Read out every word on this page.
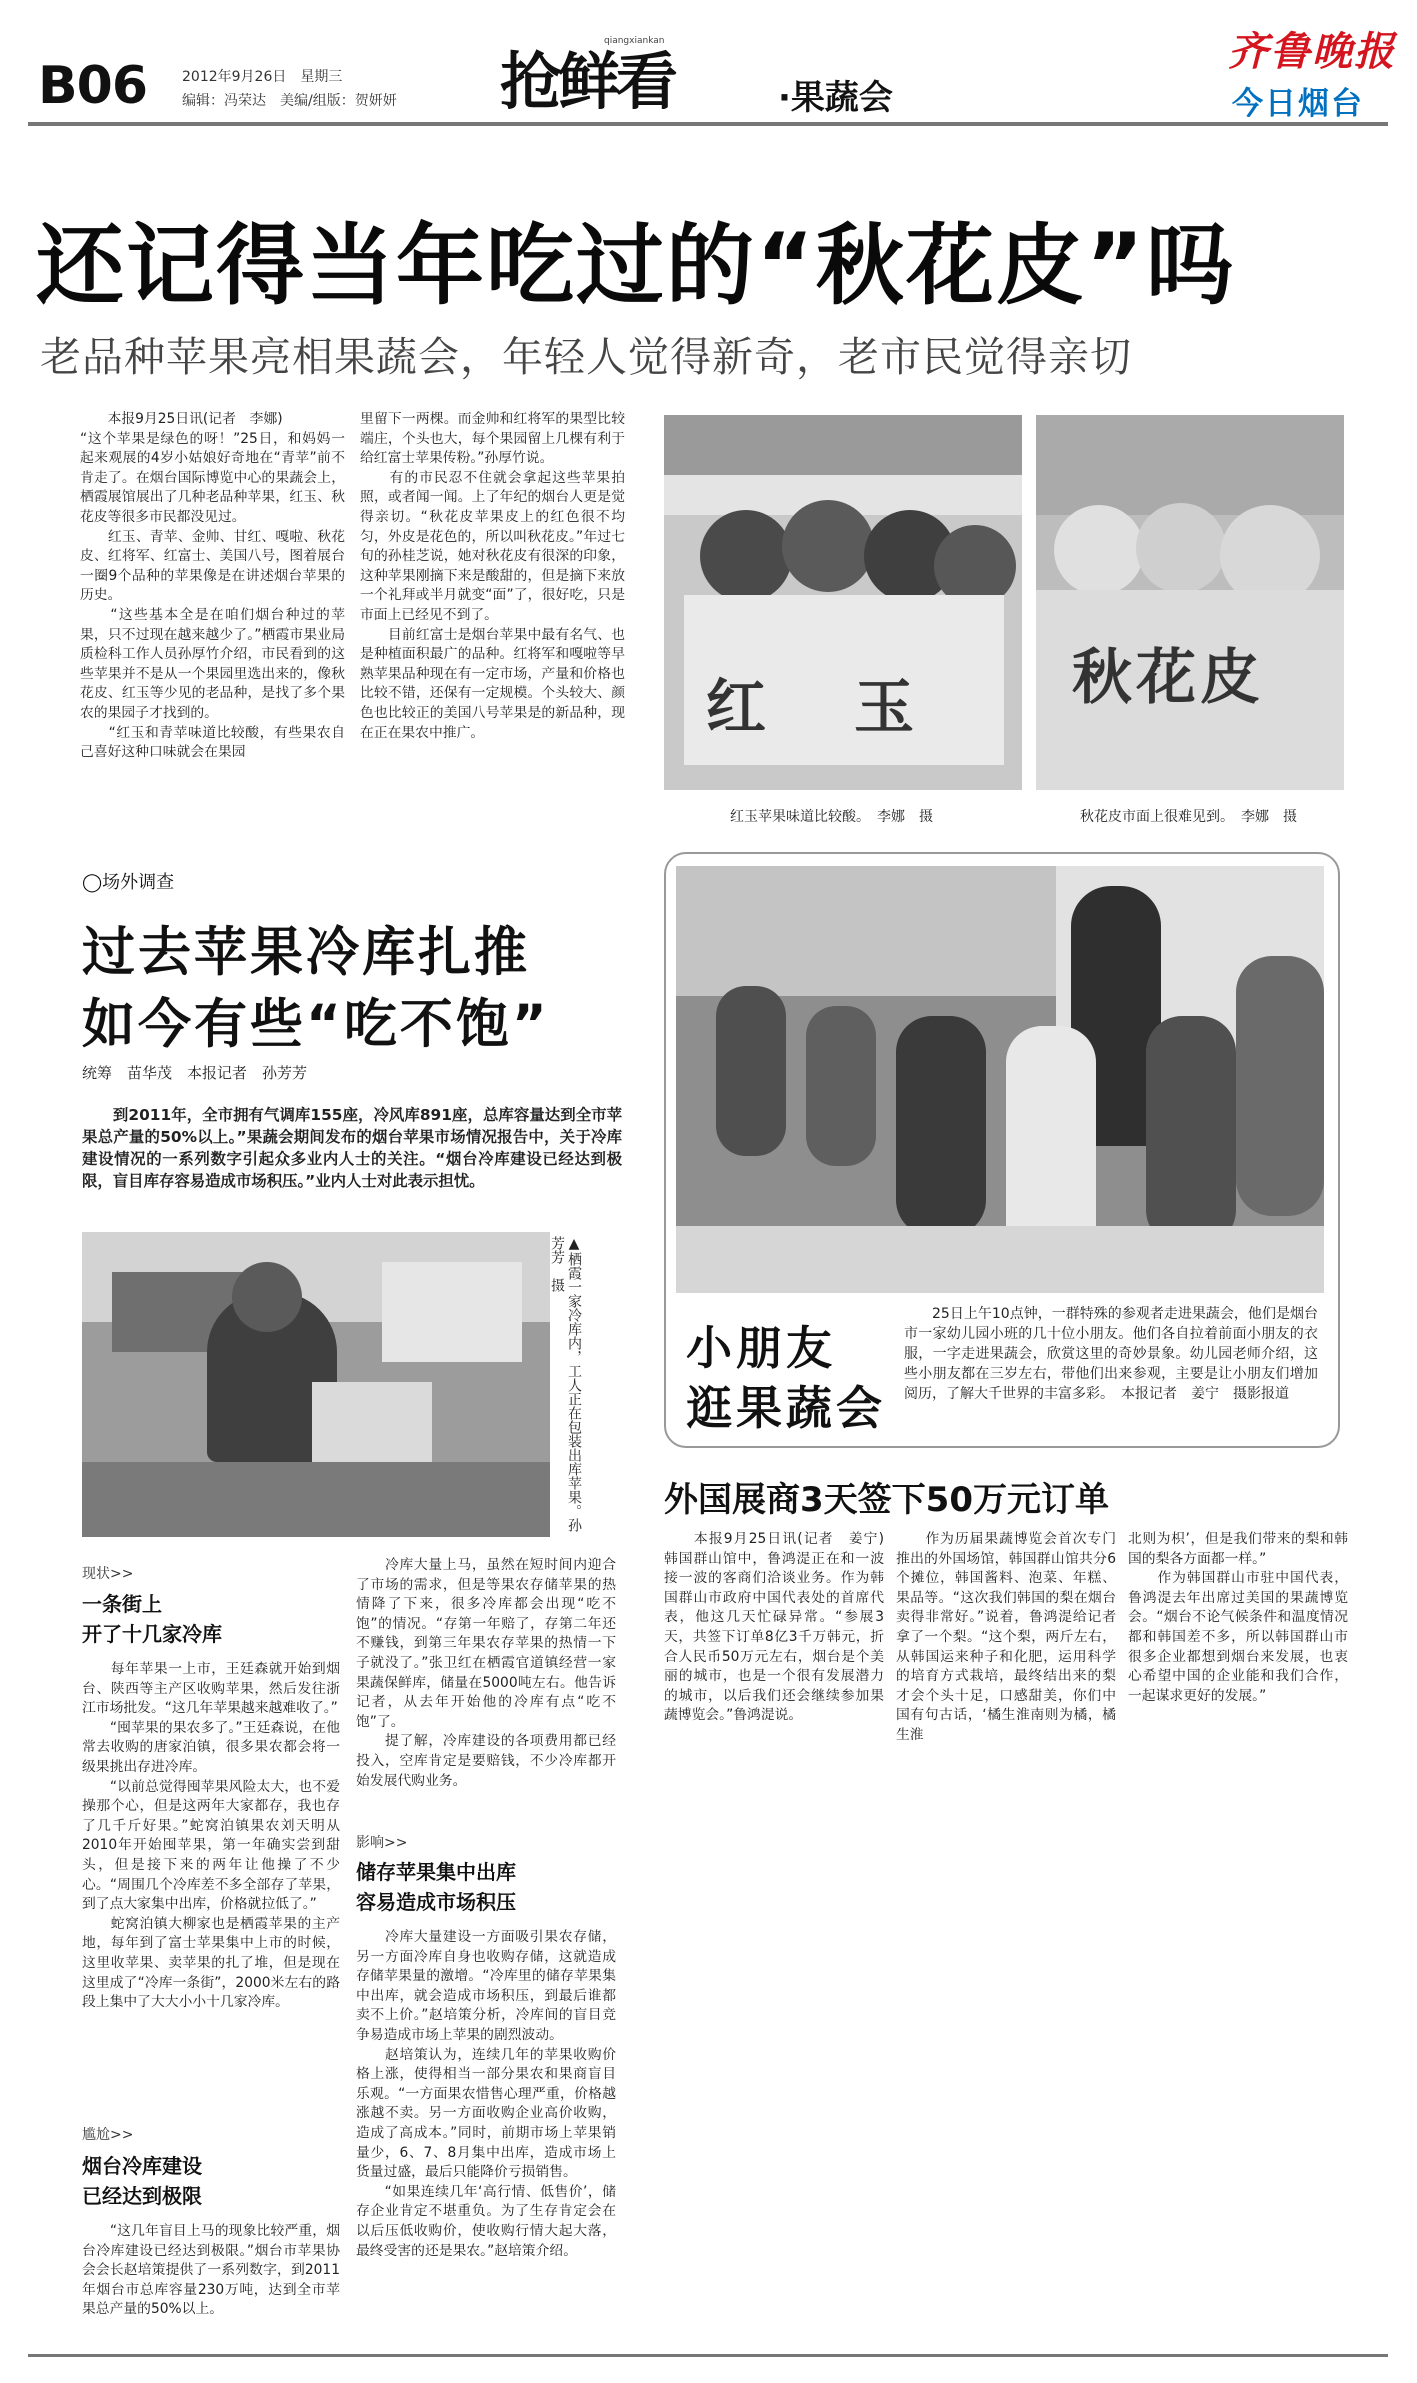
B06	2012年9月26日　星期三
编辑：冯荣达　美编/组版：贺妍妍 抢鲜看
qiangxiankan
·果蔬会
齐鲁晚报
今日烟台
还记得当年吃过的“秋花皮”吗
老品种苹果亮相果蔬会，年轻人觉得新奇，老市民觉得亲切

　　本报9月25日讯(记者　李娜)
“这个苹果是绿色的呀！”25日，和妈妈一起来观展的4岁小姑娘好奇地在“青苹”前不肯走了。在烟台国际博览中心的果蔬会上，栖霞展馆展出了几种老品种苹果，红玉、秋花皮等很多市民都没见过。
　　红玉、青苹、金帅、甘红、嘎啦、秋花皮、红将军、红富士、美国八号，图着展台一圈9个品种的苹果像是在讲述烟台苹果的历史。
　　“这些基本全是在咱们烟台种过的苹果，只不过现在越来越少了。”栖霞市果业局质检科工作人员孙厚竹介绍，市民看到的这些苹果并不是从一个果园里选出来的，像秋花皮、红玉等少见的老品种，是找了多个果农的果园子才找到的。
　　“红玉和青苹味道比较酸，有些果农自己喜好这种口味就会在果园

里留下一两棵。而金帅和红将军的果型比较端庄，个头也大，每个果园留上几棵有利于给红富士苹果传粉。”孙厚竹说。
　　有的市民忍不住就会拿起这些苹果拍照，或者闻一闻。上了年纪的烟台人更是觉得亲切。“秋花皮苹果皮上的红色很不均匀，外皮是花色的，所以叫秋花皮。”年过七旬的孙桂芝说，她对秋花皮有很深的印象，这种苹果刚摘下来是酸甜的，但是摘下来放一个礼拜或半月就变“面”了，很好吃，只是市面上已经见不到了。
　　目前红富士是烟台苹果中最有名气、也是种植面积最广的品种。红将军和嘎啦等早熟苹果品种现在有一定市场，产量和价格也比较不错，还保有一定规模。个头较大、颜色也比较正的美国八号苹果是的新品种，现在正在果农中推广。	红　玉
红玉苹果味道比较酸。　李娜　摄
秋花皮
秋花皮市面上很难见到。　李娜　摄
◯场外调查
过去苹果冷库扎推
如今有些“吃不饱”
统筹　苗华茂　本报记者　孙芳芳

　　到2011年，全市拥有气调库155座，冷风库891座，总库容量达到全市苹果总产量的50%以上。”果蔬会期间发布的烟台苹果市场情况报告中，关于冷库建设情况的一系列数字引起众多业内人士的关注。“烟台冷库建设已经达到极限，盲目库存容易造成市场积压。”业内人士对此表示担忧。

▲栖霞一家冷库内，工人正在包装出库苹果。孙芳芳　摄
现状>>
一条街上
开了十几家冷库

　　每年苹果一上市，王廷森就开始到烟台、陕西等主产区收购苹果，然后发往浙江市场批发。“这几年苹果越来越难收了。”
　　“囤苹果的果农多了。”王廷森说，在他常去收购的唐家泊镇，很多果农都会将一级果挑出存进冷库。
　　“以前总觉得囤苹果风险太大，也不爱操那个心，但是这两年大家都存，我也存了几千斤好果。”蛇窝泊镇果农刘天明从2010年开始囤苹果，第一年确实尝到甜头，但是接下来的两年让他操了不少心。“周围几个冷库差不多全部存了苹果，到了点大家集中出库，价格就拉低了。”
　　蛇窝泊镇大柳家也是栖霞苹果的主产地，每年到了富士苹果集中上市的时候，这里收苹果、卖苹果的扎了堆，但是现在这里成了“冷库一条街”，2000米左右的路段上集中了大大小小十几家冷库。

尴尬>>
烟台冷库建设
已经达到极限

　　“这几年盲目上马的现象比较严重，烟台冷库建设已经达到极限。”烟台市苹果协会会长赵培策提供了一系列数字，到2011年烟台市总库容量230万吨，达到全市苹果总产量的50%以上。

　　冷库大量上马，虽然在短时间内迎合了市场的需求，但是等果农存储苹果的热情降了下来，很多冷库都会出现“吃不饱”的情况。“存第一年赔了，存第二年还不赚钱，到第三年果农存苹果的热情一下子就没了。”张卫红在栖霞官道镇经营一家果蔬保鲜库，储量在5000吨左右。他告诉记者，从去年开始他的冷库有点“吃不饱”了。
　　提了解，冷库建设的各项费用都已经投入，空库肯定是要赔钱，不少冷库都开始发展代购业务。

影响>>
储存苹果集中出库
容易造成市场积压

　　冷库大量建设一方面吸引果农存储，另一方面冷库自身也收购存储，这就造成存储苹果量的激增。“冷库里的储存苹果集中出库，就会造成市场积压，到最后谁都卖不上价。”赵培策分析，冷库间的盲目竞争易造成市场上苹果的剧烈波动。
　　赵培策认为，连续几年的苹果收购价格上涨，使得相当一部分果农和果商盲目乐观。“一方面果农惜售心理严重，价格越涨越不卖。另一方面收购企业高价收购，造成了高成本。”同时，前期市场上苹果销量少，6、7、8月集中出库，造成市场上货量过盛，最后只能降价亏损销售。
　　“如果连续几年‘高行情、低售价’，储存企业肯定不堪重负。为了生存肯定会在以后压低收购价，使收购行情大起大落，最终受害的还是果农。”赵培策介绍。

小朋友
逛果蔬会

　　25日上午10点钟，一群特殊的参观者走进果蔬会，他们是烟台市一家幼儿园小班的几十位小朋友。他们各自拉着前面小朋友的衣服，一字走进果蔬会，欣赏这里的奇妙景象。幼儿园老师介绍，这些小朋友都在三岁左右，带他们出来参观，主要是让小朋友们增加阅历，了解大千世界的丰富多彩。　本报记者　姜宁　摄影报道

外国展商3天签下50万元订单

　　本报9月25日讯(记者　姜宁)　韩国群山馆中，鲁鸿湜正在和一波接一波的客商们洽谈业务。作为韩国群山市政府中国代表处的首席代表，他这几天忙碌异常。“参展3天，共签下订单8亿3千万韩元，折合人民币50万元左右，烟台是个美丽的城市，也是一个很有发展潜力的城市，以后我们还会继续参加果蔬博览会。”鲁鸿湜说。

　　作为历届果蔬博览会首次专门推出的外国场馆，韩国群山馆共分6个摊位，韩国酱料、泡菜、年糕、果品等。“这次我们韩国的梨在烟台卖得非常好。”说着，鲁鸿湜给记者拿了一个梨。“这个梨，两斤左右，从韩国运来种子和化肥，运用科学的培育方式栽培，最终结出来的梨才会个头十足，口感甜美，你们中国有句古话，‘橘生淮南则为橘，橘生淮

北则为枳’，但是我们带来的梨和韩国的梨各方面都一样。”
　　作为韩国群山市驻中国代表，鲁鸿湜去年出席过美国的果蔬博览会。“烟台不论气候条件和温度情况都和韩国差不多，所以韩国群山市很多企业都想到烟台来发展，也衷心希望中国的企业能和我们合作，一起谋求更好的发展。”
